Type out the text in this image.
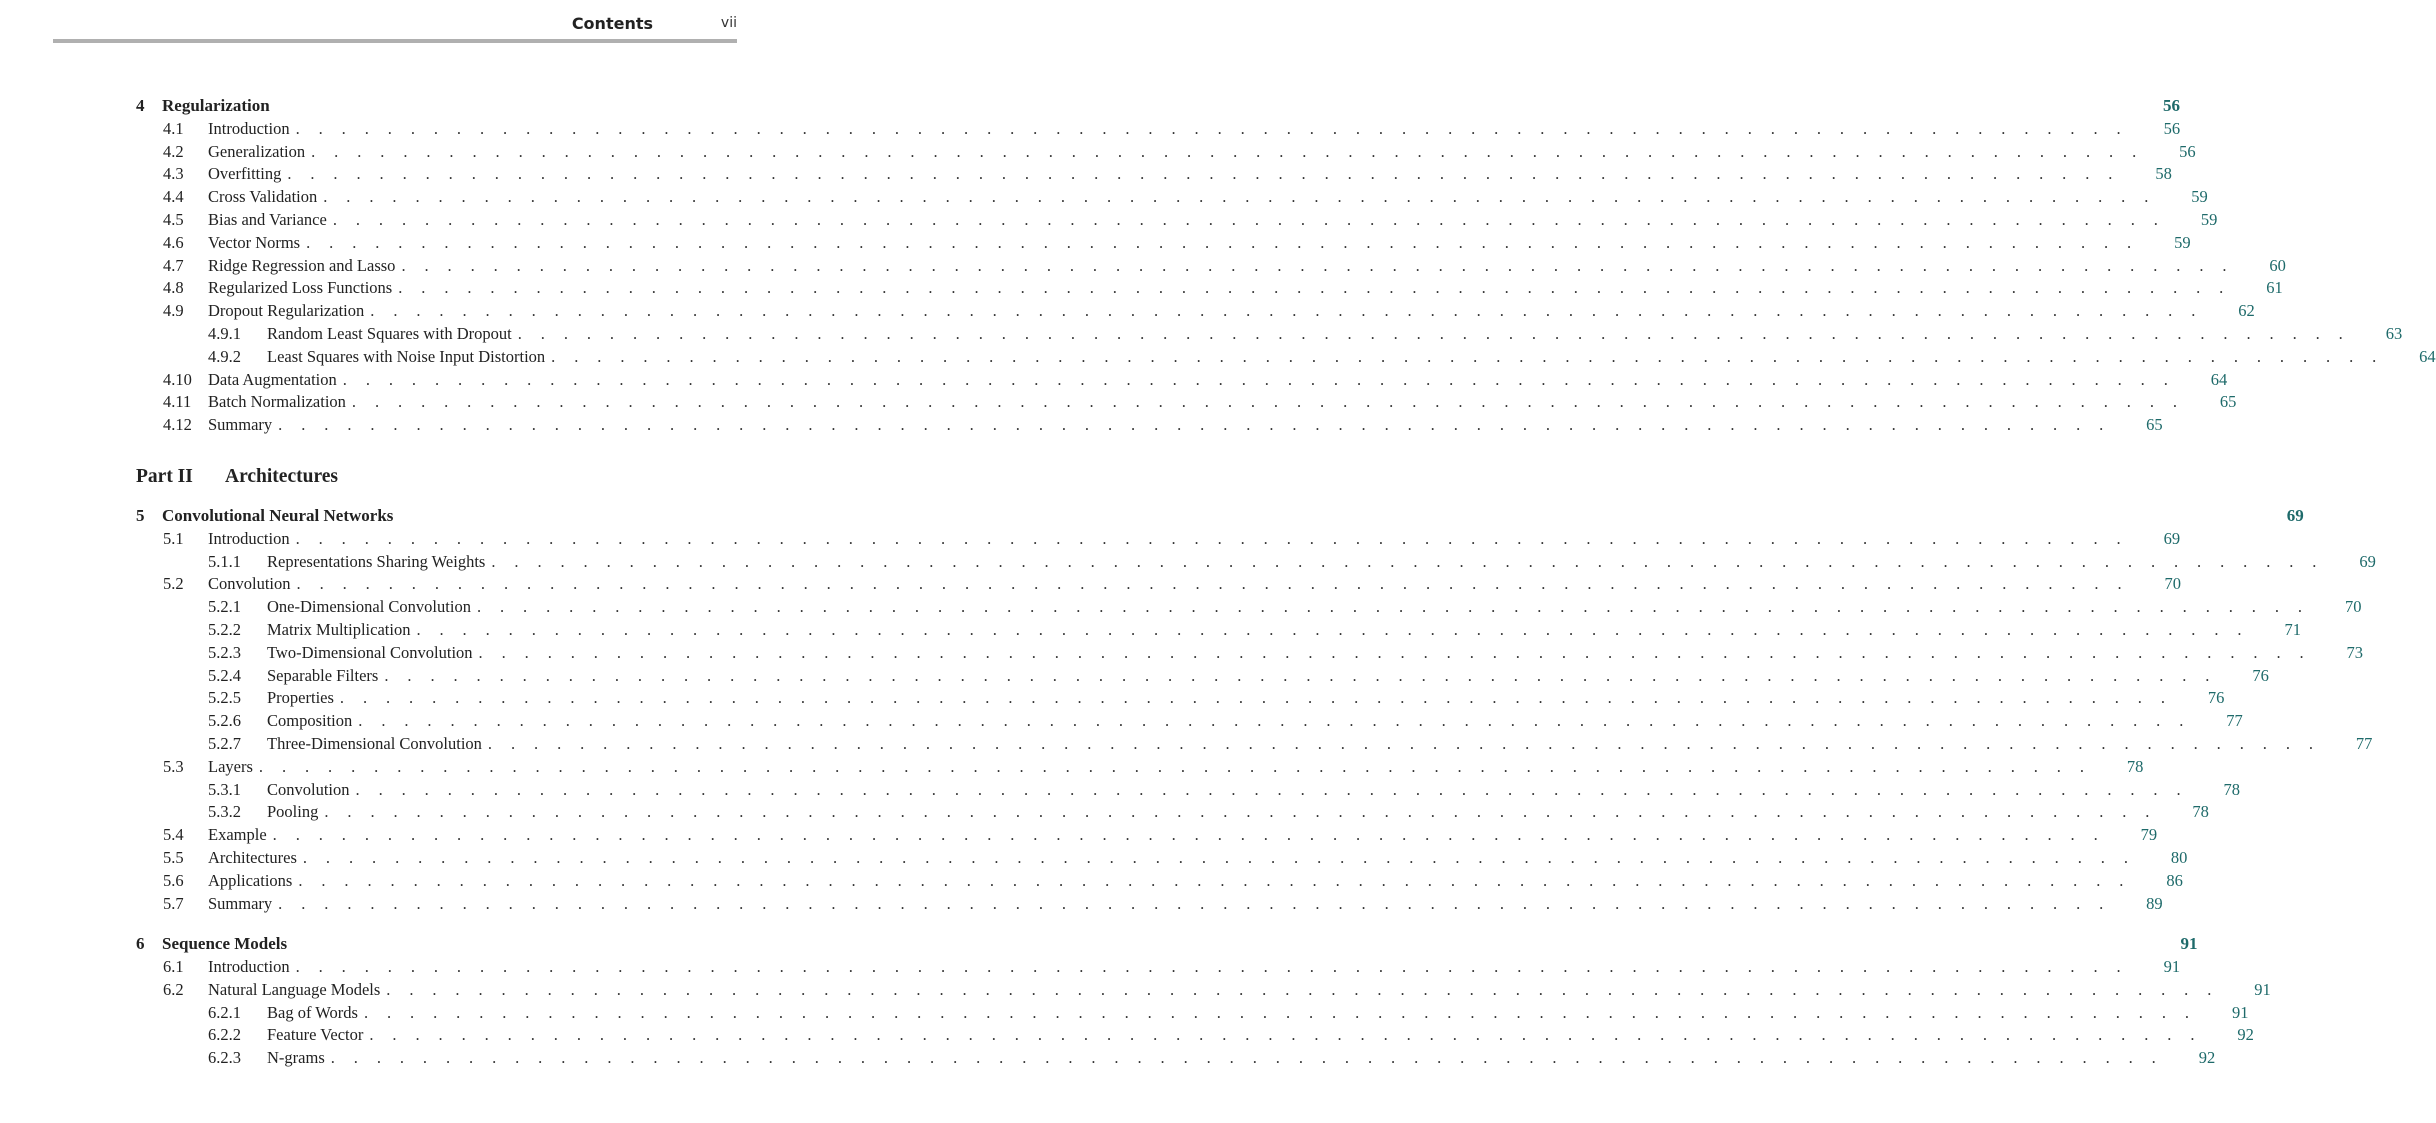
Contents	vii
4	Regularization	56
4.1	Introduction . . . . . . . . . . . . . . . . . . . . . . . . . . . . . . . . . . . . . . . . . . . . . . . . . . . . . . . . . . . . . . . . . . . . . . . . . . . . . . . .	56
4.2	Generalization . . . . . . . . . . . . . . . . . . . . . . . . . . . . . . . . . . . . . . . . . . . . . . . . . . . . . . . . . . . . . . . . . . . . . . . . . . . . . . . .	56
4.3	Overfitting . . . . . . . . . . . . . . . . . . . . . . . . . . . . . . . . . . . . . . . . . . . . . . . . . . . . . . . . . . . . . . . . . . . . . . . . . . . . . . . .	58
4.4	Cross Validation . . . . . . . . . . . . . . . . . . . . . . . . . . . . . . . . . . . . . . . . . . . . . . . . . . . . . . . . . . . . . . . . . . . . . . . . . . . . . . . .	59
4.5	Bias and Variance . . . . . . . . . . . . . . . . . . . . . . . . . . . . . . . . . . . . . . . . . . . . . . . . . . . . . . . . . . . . . . . . . . . . . . . . . . . . . . . .	59
4.6	Vector Norms . . . . . . . . . . . . . . . . . . . . . . . . . . . . . . . . . . . . . . . . . . . . . . . . . . . . . . . . . . . . . . . . . . . . . . . . . . . . . . . .	59
4.7	Ridge Regression and Lasso . . . . . . . . . . . . . . . . . . . . . . . . . . . . . . . . . . . . . . . . . . . . . . . . . . . . . . . . . . . . . . . . . . . . . . . . . . . . . . . .	60
4.8	Regularized Loss Functions . . . . . . . . . . . . . . . . . . . . . . . . . . . . . . . . . . . . . . . . . . . . . . . . . . . . . . . . . . . . . . . . . . . . . . . . . . . . . . . .	61
4.9	Dropout Regularization . . . . . . . . . . . . . . . . . . . . . . . . . . . . . . . . . . . . . . . . . . . . . . . . . . . . . . . . . . . . . . . . . . . . . . . . . . . . . . . .	62
4.9.1	Random Least Squares with Dropout . . . . . . . . . . . . . . . . . . . . . . . . . . . . . . . . . . . . . . . . . . . . . . . . . . . . . . . . . . . . . . . . . . . . . . . . . . . . . . . .	63
4.9.2	Least Squares with Noise Input Distortion . . . . . . . . . . . . . . . . . . . . . . . . . . . . . . . . . . . . . . . . . . . . . . . . . . . . . . . . . . . . . . . . . . . . . . . . . . . . . . . .	64
4.10 Data Augmentation . . . . . . . . . . . . . . . . . . . . . . . . . . . . . . . . . . . . . . . . . . . . . . . . . . . . . . . . . . . . . . . . . . . . . . . . . . . . . . . .	64
4.11	Batch Normalization . . . . . . . . . . . . . . . . . . . . . . . . . . . . . . . . . . . . . . . . . . . . . . . . . . . . . . . . . . . . . . . . . . . . . . . . . . . . . . . .	65
4.12 Summary . . . . . . . . . . . . . . . . . . . . . . . . . . . . . . . . . . . . . . . . . . . . . . . . . . . . . . . . . . . . . . . . . . . . . . . . . . . . . . . .	65
Part II	Architectures
5	Convolutional Neural Networks	69
5.1	Introduction . . . . . . . . . . . . . . . . . . . . . . . . . . . . . . . . . . . . . . . . . . . . . . . . . . . . . . . . . . . . . . . . . . . . . . . . . . . . . . . .	69
5.1.1	Representations Sharing Weights . . . . . . . . . . . . . . . . . . . . . . . . . . . . . . . . . . . . . . . . . . . . . . . . . . . . . . . . . . . . . . . . . . . . . . . . . . . . . . . .	69
5.2	Convolution . . . . . . . . . . . . . . . . . . . . . . . . . . . . . . . . . . . . . . . . . . . . . . . . . . . . . . . . . . . . . . . . . . . . . . . . . . . . . . . .	70
5.2.1	One-Dimensional Convolution . . . . . . . . . . . . . . . . . . . . . . . . . . . . . . . . . . . . . . . . . . . . . . . . . . . . . . . . . . . . . . . . . . . . . . . . . . . . . . . .	70
5.2.2	Matrix Multiplication . . . . . . . . . . . . . . . . . . . . . . . . . . . . . . . . . . . . . . . . . . . . . . . . . . . . . . . . . . . . . . . . . . . . . . . . . . . . . . . .	71
5.2.3	Two-Dimensional Convolution . . . . . . . . . . . . . . . . . . . . . . . . . . . . . . . . . . . . . . . . . . . . . . . . . . . . . . . . . . . . . . . . . . . . . . . . . . . . . . . .	73
5.2.4	Separable Filters . . . . . . . . . . . . . . . . . . . . . . . . . . . . . . . . . . . . . . . . . . . . . . . . . . . . . . . . . . . . . . . . . . . . . . . . . . . . . . . .	76
5.2.5	Properties . . . . . . . . . . . . . . . . . . . . . . . . . . . . . . . . . . . . . . . . . . . . . . . . . . . . . . . . . . . . . . . . . . . . . . . . . . . . . . . .	76
5.2.6	Composition . . . . . . . . . . . . . . . . . . . . . . . . . . . . . . . . . . . . . . . . . . . . . . . . . . . . . . . . . . . . . . . . . . . . . . . . . . . . . . . .	77
5.2.7	Three-Dimensional Convolution . . . . . . . . . . . . . . . . . . . . . . . . . . . . . . . . . . . . . . . . . . . . . . . . . . . . . . . . . . . . . . . . . . . . . . . . . . . . . . . .	77
5.3	Layers . . . . . . . . . . . . . . . . . . . . . . . . . . . . . . . . . . . . . . . . . . . . . . . . . . . . . . . . . . . . . . . . . . . . . . . . . . . . . . . .	78
5.3.1	Convolution . . . . . . . . . . . . . . . . . . . . . . . . . . . . . . . . . . . . . . . . . . . . . . . . . . . . . . . . . . . . . . . . . . . . . . . . . . . . . . . .	78
5.3.2	Pooling . . . . . . . . . . . . . . . . . . . . . . . . . . . . . . . . . . . . . . . . . . . . . . . . . . . . . . . . . . . . . . . . . . . . . . . . . . . . . . . .	78
5.4	Example . . . . . . . . . . . . . . . . . . . . . . . . . . . . . . . . . . . . . . . . . . . . . . . . . . . . . . . . . . . . . . . . . . . . . . . . . . . . . . . .	79
5.5	Architectures . . . . . . . . . . . . . . . . . . . . . . . . . . . . . . . . . . . . . . . . . . . . . . . . . . . . . . . . . . . . . . . . . . . . . . . . . . . . . . . .	80
5.6	Applications . . . . . . . . . . . . . . . . . . . . . . . . . . . . . . . . . . . . . . . . . . . . . . . . . . . . . . . . . . . . . . . . . . . . . . . . . . . . . . . .	86
5.7	Summary . . . . . . . . . . . . . . . . . . . . . . . . . . . . . . . . . . . . . . . . . . . . . . . . . . . . . . . . . . . . . . . . . . . . . . . . . . . . . . . .	89
6	Sequence Models	91
6.1	Introduction . . . . . . . . . . . . . . . . . . . . . . . . . . . . . . . . . . . . . . . . . . . . . . . . . . . . . . . . . . . . . . . . . . . . . . . . . . . . . . . .	91
6.2	Natural Language Models . . . . . . . . . . . . . . . . . . . . . . . . . . . . . . . . . . . . . . . . . . . . . . . . . . . . . . . . . . . . . . . . . . . . . . . . . . . . . . . .	91
6.2.1	Bag of Words . . . . . . . . . . . . . . . . . . . . . . . . . . . . . . . . . . . . . . . . . . . . . . . . . . . . . . . . . . . . . . . . . . . . . . . . . . . . . . . .	91
6.2.2	Feature Vector . . . . . . . . . . . . . . . . . . . . . . . . . . . . . . . . . . . . . . . . . . . . . . . . . . . . . . . . . . . . . . . . . . . . . . . . . . . . . . . .	92
6.2.3	N-grams . . . . . . . . . . . . . . . . . . . . . . . . . . . . . . . . . . . . . . . . . . . . . . . . . . . . . . . . . . . . . . . . . . . . . . . . . . . . . . . .	92
